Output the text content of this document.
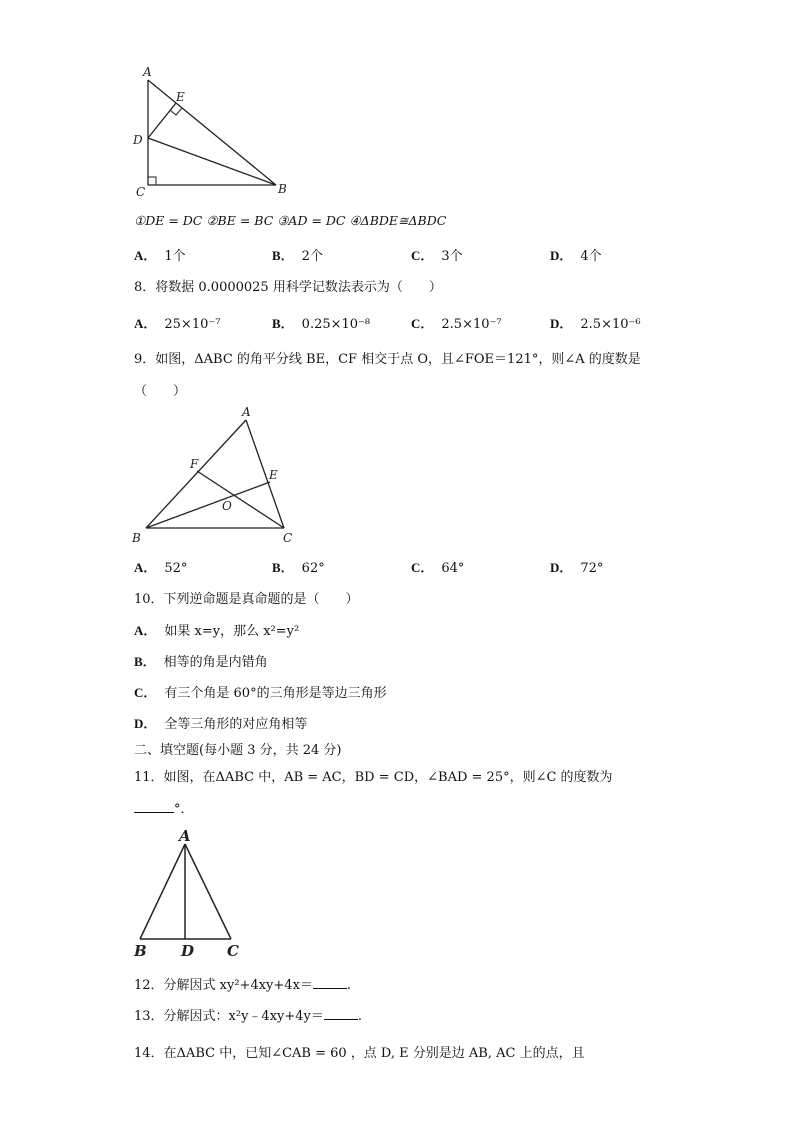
A
E
D
C	B
①DE = DC ②BE = BC ③AD = DC ④ΔBDE≅ΔBDC
A． 1个	B． 2个	C． 3个	D． 4个
8．将数据 0.0000025 用科学记数法表示为（　　）
A． 25×10⁻⁷	B． 0.25×10⁻⁸	C． 2.5×10⁻⁷	D． 2.5×10⁻⁶
9．如图，ΔABC 的角平分线 BE，CF 相交于点 O，且∠FOE＝121°，则∠A 的度数是
（　　）
A
F
E
O
B	C
A． 52°	B． 62°	C． 64°	D． 72°
10．下列逆命题是真命题的是（　　）
A． 如果 x=y，那么 x²=y²
B． 相等的角是内错角
C． 有三个角是 60°的三角形是等边三角形
D． 全等三角形的对应角相等
二、填空题(每小题 3 分，共 24 分)
11．如图，在ΔABC 中，AB = AC，BD = CD，∠BAD = 25°，则∠C 的度数为
°．
A
B D C
12．分解因式 xy²+4xy+4x＝	.
13．分解因式：x²y﹣4xy+4y＝	.
14．在ΔABC 中，已知∠CAB = 60 ，点 D, E 分别是边 AB, AC 上的点，且
